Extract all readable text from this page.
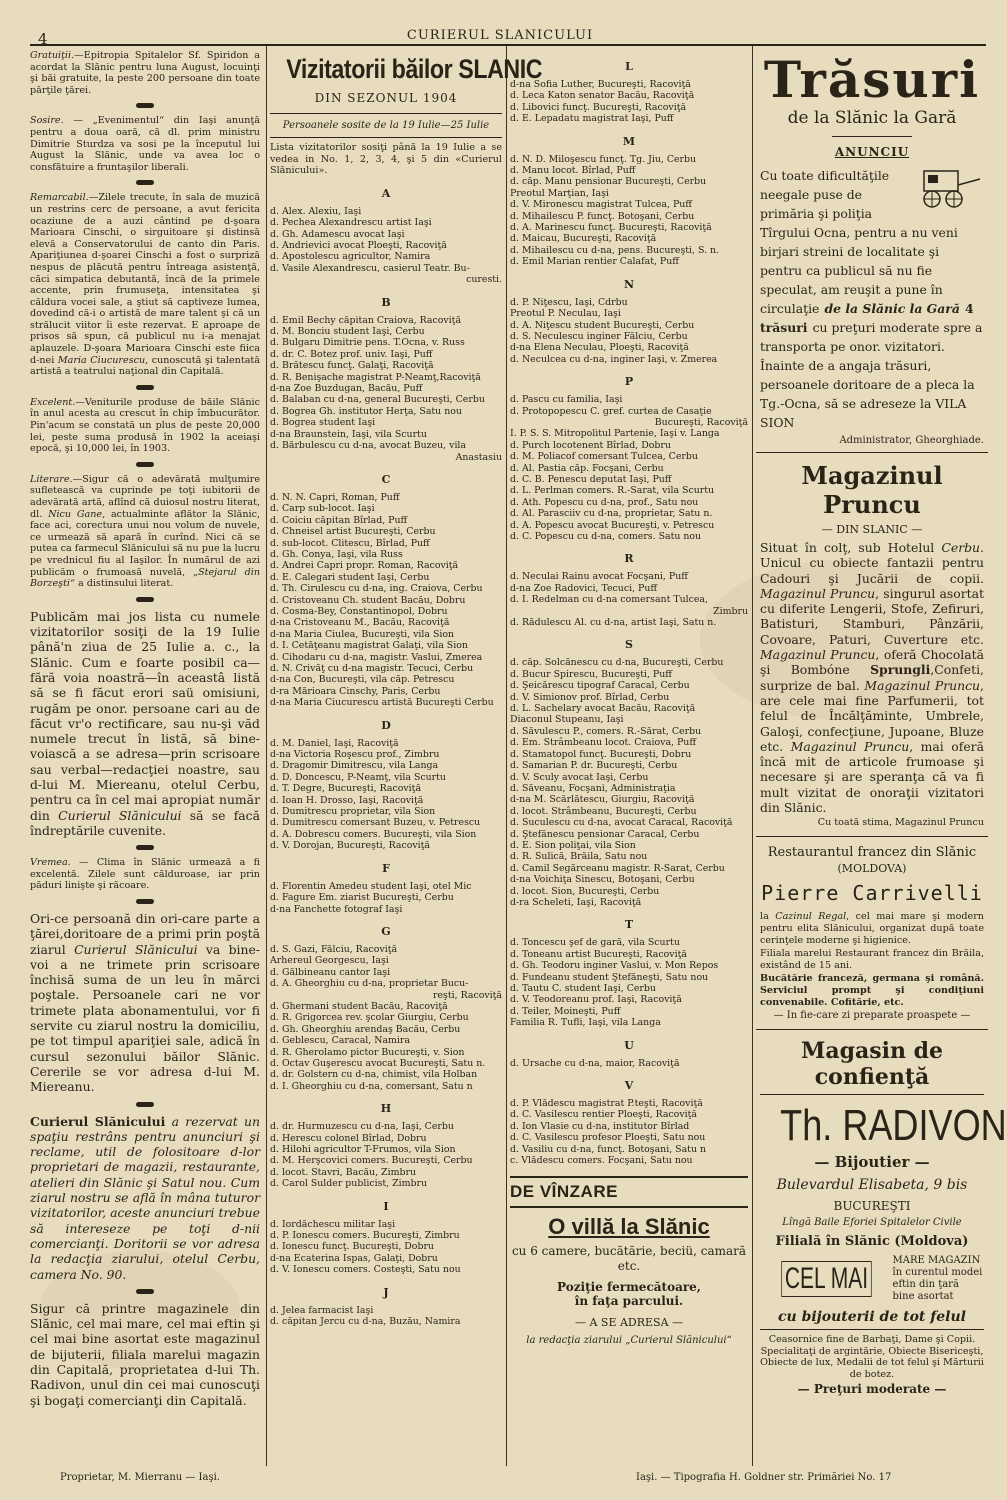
4	CURIERUL SLANICULUI

Gratuiţii.—Epitropia Spitalelor Sf. Spiridon a acordat la Slănic pentru luna August, locuinţi şi băi gratuite, la peste 200 persoane din toate părţile ţărei.

Sosire. — „Evenimentul“ din Iaşi anunţă pentru a doua oară, că dl. prim ministru Dimitrie Sturdza va sosi pe la începutul lui August la Slănic, unde va avea loc o consfătuire a fruntaşilor liberali.

Remarcabil.—Zilele trecute, în sala de muzică un restrins cerc de persoane, a avut fericita ocaziune de a auzi cântind pe d-şoara Marioara Cinschi, o sirguitoare şi distinsă elevă a Conservatorului de canto din Paris. Apariţiunea d-şoarei Cinschi a fost o surpriză nespus de plăcută pentru întreaga asistenţă, căci simpatica debutantă, încă de la primele accente, prin frumuseţa, intensitatea şi căldura vocei sale, a ştiut să captiveze lumea, dovedind că-i o artistă de mare talent şi că un strălucit viitor îi este rezervat. E aproape de prisos să spun, că publicul nu i-a menajat aplauzele. D-şoara Marioara Cinschi este fiica d-nei Maria Ciucurescu, cunoscută şi talentată artistă a teatrului naţional din Capitală.

Excelent.—Veniturile produse de băile Slănic în anul acesta au crescut în chip îmbucurător. Pin'acum se constată un plus de peste 20,000 lei, peste suma produsă în 1902 la aceiaşi epocă, şi 10,000 lei, în 1903.

Literare.—Sigur că o adevărată mulţumire sufletească va cuprinde pe toţi iubitorii de adevărată artă, aflînd că duiosul nostru literat, dl. Nicu Gane, actualminte aflător la Slănic, face aci, corectura unui nou volum de nuvele, ce urmează să apară în curînd. Nici că se putea ca farmecul Slănicului să nu pue la lucru pe vrednicul fiu al Iaşilor. În numărul de azi publicăm o frumoasă nuvelă, „Stejarul din Borzeşti“ a distinsului literat.

Publicăm mai jos lista cu numele vizitatorilor sosiţi de la 19 Iulie până'n ziua de 25 Iulie a. c., la Slănic. Cum e foarte posibil ca—fără voia noastră—în aceastâ listă să se fi făcut erori saü omisiuni, rugăm pe onor. persoane cari au de făcut vr'o rectificare, sau nu-şi văd numele trecut în listă, să bine-voiască a se adresa—prin scrisoare sau verbal—redacţiei noastre, sau d-lui M. Miereanu, otelul Cerbu, pentru ca în cel mai apropiat număr din Curierul Slănicului să se facă îndreptările cuvenite.

Vremea. — Clima în Slănic urmează a fi excelentă. Zilele sunt călduroase, iar prin păduri linişte şi răcoare.

Ori-ce persoană din ori-care parte a ţărei,doritoare de a primi prin poştă ziarul Curierul Slănicului va bine-voi a ne trimete prin scrisoare închisă suma de un leu în mărci poştale. Persoanele cari ne vor trimete plata abonamentului, vor fi servite cu ziarul nostru la domiciliu, pe tot timpul apariţiei sale, adică în cursul sezonului băilor Slănic. Cererile se vor adresa d-lui M. Miereanu.

Curierul Slănicului a rezervat un spaţiu restrâns pentru anunciuri şi reclame, util de folositoare d-lor proprietari de magazii, restaurante, atelieri din Slănic şi Satul nou. Cum ziarul nostru se află în mâna tuturor vizitatorilor, aceste anunciuri trebue să intereseze pe toţi d-nii comercianţi. Doritorii se vor adresa la redacţia ziarului, otelul Cerbu, camera No. 90.

Sigur că printre magazinele din Slănic, cel mai mare, cel mai eftin şi cel mai bine asortat este magazinul de bijuterii, filiala marelui magazin din Capitală, proprietatea d-lui Th. Radivon, unul din cei mai cunoscuţi şi bogaţi comercianţi din Capitală.

Vizitatorii băilor SLANIC
DIN SEZONUL 1904
Persoanele sosite de la 19 Iulie—25 Iulie

Lista vizitatorilor sosiţi până la 19 Iulie a se vedea in No. 1, 2, 3, 4, şi 5 din «Curierul Slănicului».

A
d. Alex. Alexiu, Iaşi
d. Pechea Alexandrescu artist Iaşi
d. Gh. Adamescu avocat Iaşi
d. Andrievici avocat Ploeşti, Racoviţă
d. Apostolescu agricultor, Namira
d. Vasile Alexandrescu, casierul Teatr. Bu-
curesti.
B
d. Emil Bechy căpitan Craiova, Racoviţă
d. M. Bonciu student Iaşi, Cerbu
d. Bulgaru Dimitrie pens. T.Ocna, v. Russ
d. dr. C. Botez prof. univ. Iaşi, Puff
d. Brătescu funcţ. Galaţi, Racoviţă
d. R. Benişache magistrat P-Neamţ,Racoviţă
d-na Zoe Buzdugan, Bacău, Puff
d. Balaban cu d-na, general Bucureşti, Cerbu
d. Bogrea Gh. institutor Herţa, Satu nou
d. Bogrea student Iaşi
d-na Braunstein, Iaşi, vila Scurtu
d. Bărbulescu cu d-na, avocat Buzeu, vila
Anastasiu
C
d. N. N. Capri, Roman, Puff
d. Carp sub-locot. Iaşi
d. Coiciu căpitan Bîrlad, Puff
d. Chneisel artist Bucureşti, Cerbu
d. sub-locot. Clitescu, Bîrlad, Puff
d. Gh. Conya, Iaşi, vila Russ
d. Andrei Capri propr. Roman, Racoviţă
d. E. Calegari student Iaşi, Cerbu
d. Th. Cirulescu cu d-na, ing. Craiova, Cerbu
d. Cristoveanu Ch. student Bacău, Dobru
d. Cosma-Bey, Constantinopol, Dobru
d-na Cristoveanu M., Bacău, Racoviţă
d-na Maria Ciulea, Bucureşti, vila Sion
d. I. Cetăţeanu magistrat Galaţi, vila Sion
d. Cihodaru cu d-na, magistr. Vaslui, Zmerea
d. N. Crivăţ cu d-na magistr. Tecuci, Cerbu
d-na Con, Bucureşti, vila căp. Petrescu
d-ra Mărioara Cinschy, Paris, Cerbu
d-na Maria Ciucurescu artistă Bucureşti Cerbu
D
d. M. Daniel, Iaşi, Racoviţă
d-na Victoria Roşescu prof., Zimbru
d. Dragomir Dimitrescu, vila Langa
d. D. Doncescu, P-Neamţ, vila Scurtu
d. T. Degre, Bucureşti, Racoviţă
d. Ioan H. Drosso, Iaşi, Racoviţă
d. Dumitrescu proprietar, vila Sion
d. Dumitrescu comersant Buzeu, v. Petrescu
d. A. Dobrescu comers. Bucureşti, vila Sion
d. V. Dorojan, Bucureşti, Racoviţă
F
d. Florentin Amedeu student Iaşi, otel Mic
d. Fagure Em. ziarist Bucureşti, Cerbu
d-na Fanchette fotograf Iaşi
G
d. S. Gazi, Fălciu, Racoviţă
Arhereul Georgescu, Iaşi
d. Gălbineanu cantor Iaşi
d. A. Gheorghiu cu d-na, proprietar Bucu-
reşti, Racoviţă
d. Ghermani student Bacău, Racoviţă
d. R. Grigorcea rev. şcolar Giurgiu, Cerbu
d. Gh. Gheorghiu arendaş Bacău, Cerbu
d. Geblescu, Caracal, Namira
d. R. Gherolamo pictor Bucureşti, v. Sion
d. Octav Guşerescu avocat Bucureşti, Satu n.
d. dr. Golstern cu d-na, chimist, vila Holban
d. I. Gheorghiu cu d-na, comersant, Satu n
H
d. dr. Hurmuzescu cu d-na, Iaşi, Cerbu
d. Herescu colonel Bîrlad, Dobru
d. Hilohi agricultor T-Frumos, vila Sion
d. M. Herşcovici comers. Bucureşti, Cerbu
d. locot. Stavri, Bacău, Zimbru
d. Carol Sulder publicist, Zimbru
I
d. Iordăchescu militar Iaşi
d. P. Ionescu comers. Bucureşti, Zimbru
d. Ionescu funcţ. Bucureşti, Dobru
d-na Ecaterina Ispas, Galaţi, Dobru
d. V. Ionescu comers. Costeşti, Satu nou
J
d. Jelea farmacist Iaşi
d. căpitan Jercu cu d-na, Buzău, Namira
L
d-na Sofia Luther, Bucureşti, Racoviţă
d. Leca Katon senator Bacău, Racoviţă
d. Libovici funcţ. Bucureşti, Racoviţă
d. E. Lepadatu magistrat Iaşi, Puff
M
d. N. D. Miloşescu funcţ. Tg. Jiu, Cerbu
d. Manu locot. Bîrlad, Puff
d. căp. Manu pensionar Bucureşti, Cerbu
Preotul Marţian, Iaşi
d. V. Mironescu magistrat Tulcea, Puff
d. Mihailescu P. funcţ. Botoşani, Cerbu
d. A. Marinescu funcţ. Bucureşti, Racoviţă
d. Maicau, Bucureşti, Racoviţă
d. Mihailescu cu d-na, pens. Bucureşti, S. n.
d. Emil Marian rentier Calafat, Puff
N
d. P. Niţescu, Iaşi, Cdrbu
Preotul P. Neculau, Iaşi
d. A. Niţescu student Bucureşti, Cerbu
d. S. Neculescu inginer Fălciu, Cerbu
d-na Elena Neculau, Ploeşti, Racoviţă
d. Neculcea cu d-na, inginer Iaşi, v. Zmerea
P
d. Pascu cu familia, Iaşi
d. Protopopescu C. gref. curtea de Casaţie
Bucureşti, Racoviţă
I. P. S. S. Mitropolitul Partenie, Iaşi v. Langa
d. Purch locotenent Bîrlad, Dobru
d. M. Poliacof comersant Tulcea, Cerbu
d. Al. Pastia căp. Focşani, Cerbu
d. C. B. Penescu deputat Iaşi, Puff
d. L. Perlman comers. R.-Sarat, vila Scurtu
d. Ath. Popescu cu d-na, prof., Satu nou
d. Al. Parasciiv cu d-na, proprietar, Satu n.
d. A. Popescu avocat Bucureşti, v. Petrescu
d. C. Popescu cu d-na, comers. Satu nou
R
d. Neculai Rainu avocat Focşani, Puff
d-na Zoe Radovici, Tecuci, Puff
d. I. Redelman cu d-na comersant Tulcea,
Zimbru
d. Rădulescu Al. cu d-na, artist Iaşi, Satu n.
S
d. căp. Solcănescu cu d-na, Bucureşti, Cerbu
d. Bucur Spirescu, Bucureşti, Puff
d. Şeicărescu tipograf Caracal, Cerbu
d. V. Simionov prof. Bîrlad, Cerbu
d. L. Sachelary avocat Bacău, Racoviţă
Diaconul Stupeanu, Iaşi
d. Săvulescu P., comers. R.-Sărat, Cerbu
d. Em. Strâmbeanu locot. Craiova, Puff
d. Stamatopol funcţ. Bucureşti, Dobru
d. Samarian P. dr. Bucureşti, Cerbu
d. V. Sculy avocat Iaşi, Cerbu
d. Săveanu, Focşani, Administraţia
d-na M. Scărlătescu, Giurgiu, Racoviţă
d. locot. Strâmbeanu, Bucureşti, Cerbu
d. Suculescu cu d-na, avocat Caracal, Racoviţă
d. Ştefănescu pensionar Caracal, Cerbu
d. E. Sion poliţai, vila Sion
d. R. Sulică, Brăila, Satu nou
d. Camil Segărceanu magistr. R-Sarat, Cerbu
d-na Voichiţa Sinescu, Botoşani, Cerbu
d. locot. Sion, Bucureşti, Cerbu
d-ra Scheleti, Iaşi, Racoviţă
T
d. Toncescu şef de gară, vila Scurtu
d. Toneanu artist Bucureşti, Racoviţă
d. Gh. Teodoru inginer Vaslui, v. Mon Repos
d. Fundeanu student Ştefăneşti, Satu nou
d. Tautu C. student Iaşi, Cerbu
d. V. Teodoreanu prof. Iaşi, Racoviţă
d. Teiler, Moineşti, Puff
Familia R. Tufli, Iaşi, vila Langa
U
d. Ursache cu d-na, maior, Racoviţă
V
d. P. Vlădescu magistrat P.teşti, Racoviţă
d. C. Vasilescu rentier Ploeşti, Racoviţă
d. Ion Vlasie cu d-na, institutor Bîrlad
d. C. Vasilescu profesor Ploeşti, Satu nou
d. Vasiliu cu d-na, funcţ. Botoşani, Satu n
c. Vlădescu comers. Focşani, Satu nou
DE VÎNZARE
O villă la Slănic
cu 6 camere, bucătărie, beciü, camară etc.
Poziţie fermecătoare,
în faţa parcului.
— A SE ADRESA —
la redacţia ziarului „Curierul Slănicului“
Trăsuri
de la Slănic la Gară
ANUNCIU
Cu toate dificultăţile neegale puse de primăria şi poliţia Tîrgului Ocna, pentru a nu veni birjari streini de localitate şi pentru ca publicul să nu fie speculat, am reuşit a pune în circulaţie de la Slănic la Gară 4 trăsuri cu preţuri moderate spre a transporta pe onor. vizitatori. Înainte de a angaja trăsuri, persoanele doritoare de a pleca la Tg.-Ocna, să se adreseze la VILA SION
Administrator, Gheorghiade.
Magazinul Pruncu
— DIN SLANIC —

Situat în colţ, sub Hotelul Cerbu. Unicul cu obiecte fantazii pentru Cadouri şi Jucării de copii. Magazinul Pruncu, singurul asortat cu diferite Lengerii, Stofe, Zefiruri, Batisturi, Stamburi, Pânzării, Covoare, Paturi, Cuverture etc. Magazinul Pruncu, oferă Chocolată şi Bombóne Sprungli,Confeti, surprize de bal. Magazinul Pruncu, are cele mai fine Parfumerii, tot felul de Încălţăminte, Umbrele, Galoşi, confecţiune, Jupoane, Bluze etc. Magazinul Pruncu, mai oferă încă mit de articole frumoase şi necesare şi are speranţa că va fi mult vizitat de onoraţii vizitatori din Slănic.

Cu toată stima, Magazinul Pruncu
Restaurantul francez din Slănic
(MOLDOVA)
Pierre Carrivelli

la Cazinul Regal, cel mai mare şi modern pentru elita Slănicului, organizat după toate cerinţele moderne şi higienice.

Filiala marelui Restaurant francez din Brăila, existând de 15 ani.

Bucătărie franceză, germana şi română. Serviciul prompt şi condiţiuni convenabile. Cofitărie, etc.

— In fie-care zi preparate proaspete —
Magasin de confienţă
Th. RADIVON
— Bijoutier —
Bulevardul Elisabeta, 9 bis
BUCUREŞTI
Lîngă Baile Eforiei Spitalelor Civile
Filială în Slănic (Moldova)
CEL MAI
MARE MAGAZIN
în curentul modei
eftin din ţară
bine asortat
cu bijouterii de tot felul

Ceasornice fine de Barbaţi, Dame şi Copii. Specialitaţi de argintărie, Obiecte Bisericeşti, Obiecte de lux, Medalii de tot felul şi Mărturii de botez.

— Preţuri moderate —
Proprietar, M. Mierranu — Iaşi.	Iaşi. — Tipografia H. Goldner str. Primăriei No. 17
